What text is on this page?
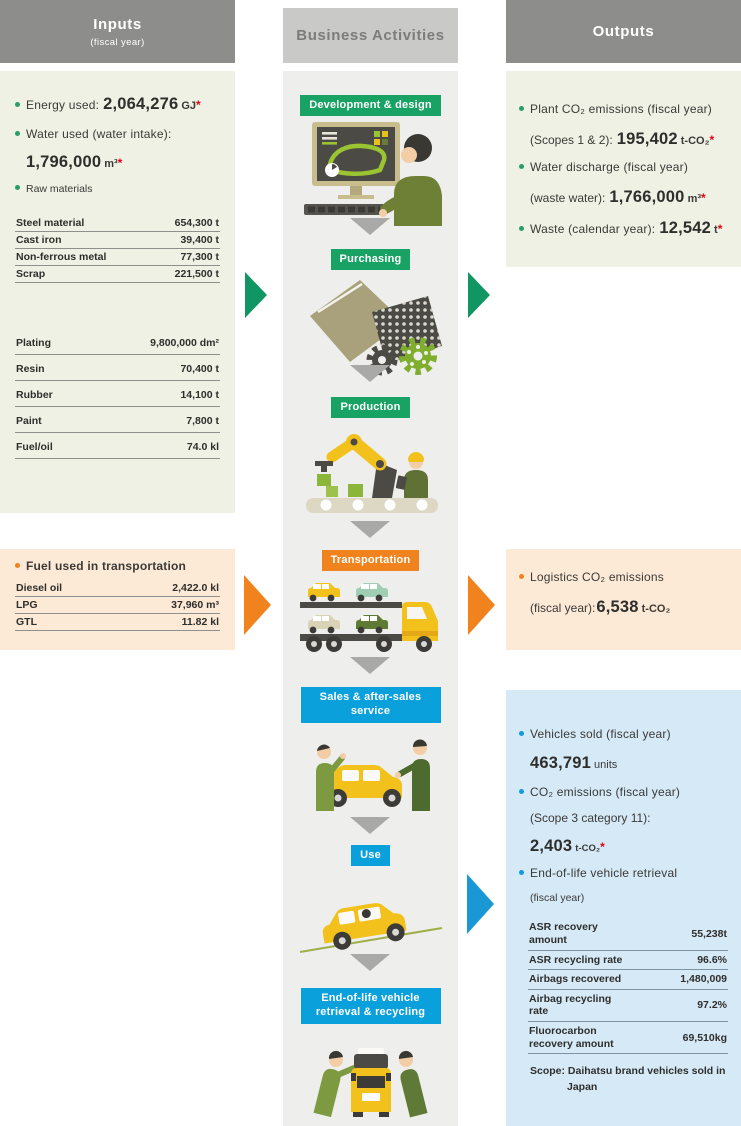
Inputs
(fiscal year)	Business Activities	Outputs
Energy used: 2,064,276 GJ *
Water used (water intake):
1,796,000 m³ *
Raw materials
Steel material	654,300 t
Cast iron	39,400 t
Non-ferrous metal	77,300 t
Scrap	221,500 t
Plating	9,800,000 dm²
Resin	70,400 t
Rubber	14,100 t
Paint	7,800 t
Fuel/oil	74.0 kl
Fuel used in transportation
Diesel oil	2,422.0 kl
LPG	37,960 m³
GTL	11.82 kl
Plant CO₂ emissions (fiscal year)
(Scopes 1 & 2): 195,402 t-CO₂ *
Water discharge (fiscal year)
(waste water): 1,766,000 m³ *
Waste (calendar year): 12,542 t *
Logistics CO₂ emissions
(fiscal year): 6,538 t-CO₂
Vehicles sold (fiscal year)
463,791 units
CO₂ emissions (fiscal year)
(Scope 3 category 11):
2,403 t-CO₂ *
End-of-life vehicle retrieval
(fiscal year)
ASR recovery amount	55,238t
ASR recycling rate	96.6%
Airbags recovered	1,480,009
Airbag recycling rate	97.2%
Fluorocarbon recovery amount	69,510kg
Scope: Daihatsu brand vehicles sold in Japan
Development & design
Purchasing
Production
Transportation
Sales & after-sales service
Use
End-of-life vehicle retrieval & recycling
